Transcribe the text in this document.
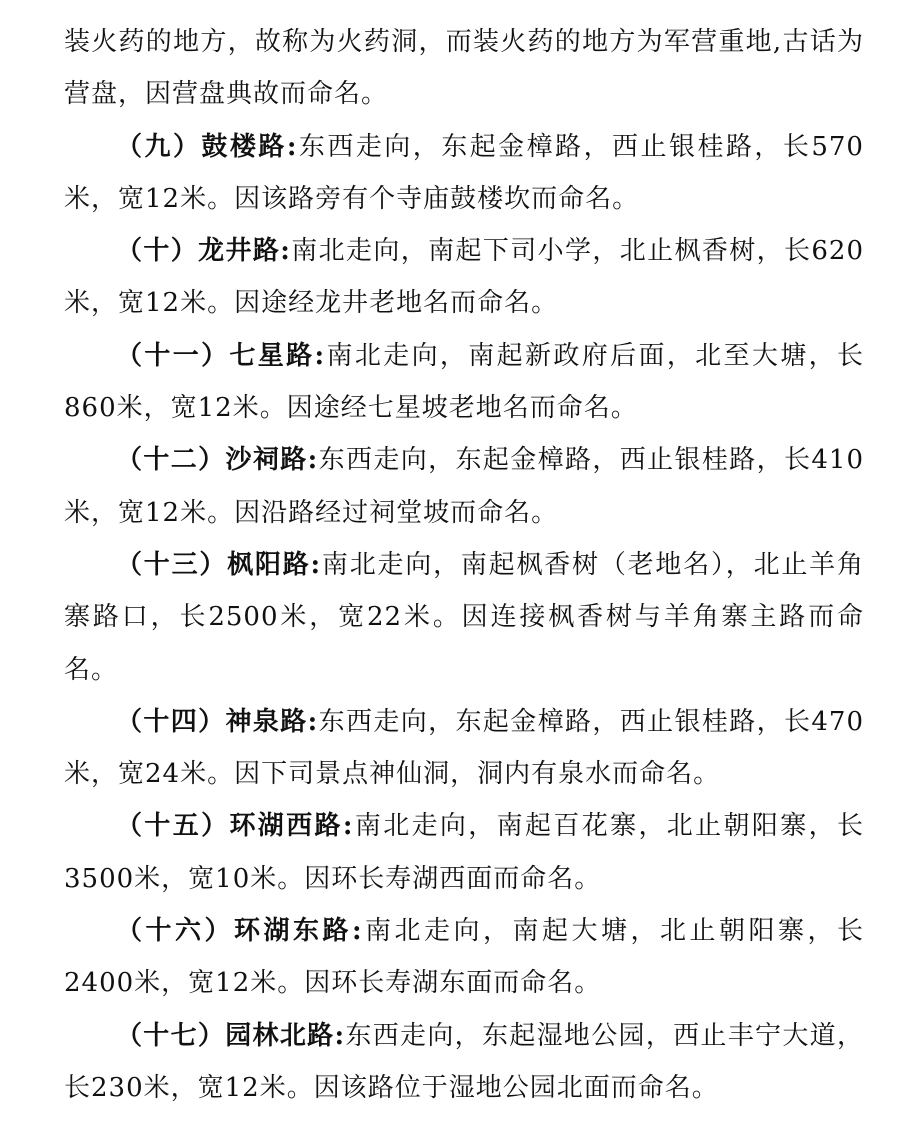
装火药的地方，故称为火药洞，而装火药的地方为军营重地,古话为营盘，因营盘典故而命名。

（九）鼓楼路:东西走向，东起金樟路，西止银桂路，长570米，宽12米。因该路旁有个寺庙鼓楼坎而命名。

（十）龙井路:南北走向，南起下司小学，北止枫香树，长620米，宽12米。因途经龙井老地名而命名。

（十一）七星路:南北走向，南起新政府后面，北至大塘，长860米，宽12米。因途经七星坡老地名而命名。

（十二）沙祠路:东西走向，东起金樟路，西止银桂路，长410米，宽12米。因沿路经过祠堂坡而命名。

（十三）枫阳路:南北走向，南起枫香树（老地名），北止羊角寨路口，长2500米，宽22米。因连接枫香树与羊角寨主路而命名。

（十四）神泉路:东西走向，东起金樟路，西止银桂路，长470米，宽24米。因下司景点神仙洞，洞内有泉水而命名。

（十五）环湖西路:南北走向，南起百花寨，北止朝阳寨，长3500米，宽10米。因环长寿湖西面而命名。

（十六）环湖东路:南北走向，南起大塘，北止朝阳寨，长2400米，宽12米。因环长寿湖东面而命名。

（十七）园林北路:东西走向，东起湿地公园，西止丰宁大道，长230米，宽12米。因该路位于湿地公园北面而命名。
